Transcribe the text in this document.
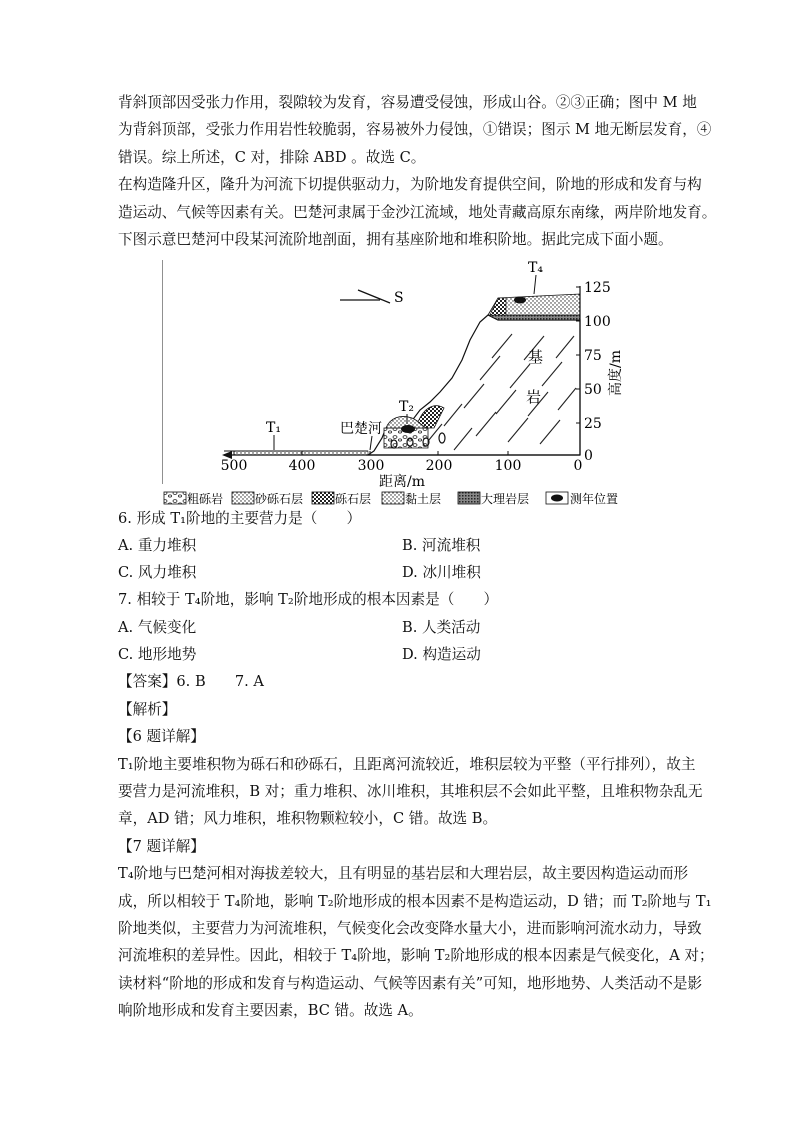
背斜顶部因受张力作用，裂隙较为发育，容易遭受侵蚀，形成山谷。②③正确；图中 M 地
为背斜顶部，受张力作用岩性较脆弱，容易被外力侵蚀，①错误；图示 M 地无断层发育，④
错误。综上所述，C 对，排除 ABD 。故选 C。
在构造隆升区，隆升为河流下切提供驱动力，为阶地发育提供空间，阶地的形成和发育与构
造运动、气候等因素有关。巴楚河隶属于金沙江流域，地处青藏高原东南缘，两岸阶地发育。
下图示意巴楚河中段某河流阶地剖面，拥有基座阶地和堆积阶地。据此完成下面小题。
S
T₁
T₂
T₄
巴楚河
基
岩
500	400	300	200	100	0
距离/m
0
25
50
75
100
125
高度/m
粗砾岩	砂砾石层	砾石层	黏土层	大理岩层	测年位置
6. 形成 T₁阶地的主要营力是（　　）
A. 重力堆积	B. 河流堆积
C. 风力堆积	D. 冰川堆积
7. 相较于 T₄阶地，影响 T₂阶地形成的根本因素是（　　）
A. 气候变化	B. 人类活动
C. 地形地势	D. 构造运动
【答案】6. B　　7. A
【解析】
【6 题详解】
T₁阶地主要堆积物为砾石和砂砾石，且距离河流较近，堆积层较为平整（平行排列），故主
要营力是河流堆积，B 对；重力堆积、冰川堆积，其堆积层不会如此平整，且堆积物杂乱无
章，AD 错；风力堆积，堆积物颗粒较小，C 错。故选 B。
【7 题详解】
T₄阶地与巴楚河相对海拔差较大，且有明显的基岩层和大理岩层，故主要因构造运动而形
成，所以相较于 T₄阶地，影响 T₂阶地形成的根本因素不是构造运动，D 错；而 T₂阶地与 T₁
阶地类似，主要营力为河流堆积，气候变化会改变降水量大小，进而影响河流水动力，导致
河流堆积的差异性。因此，相较于 T₄阶地，影响 T₂阶地形成的根本因素是气候变化，A 对；
读材料“阶地的形成和发育与构造运动、气候等因素有关”可知，地形地势、人类活动不是影
响阶地形成和发育主要因素，BC 错。故选 A。
